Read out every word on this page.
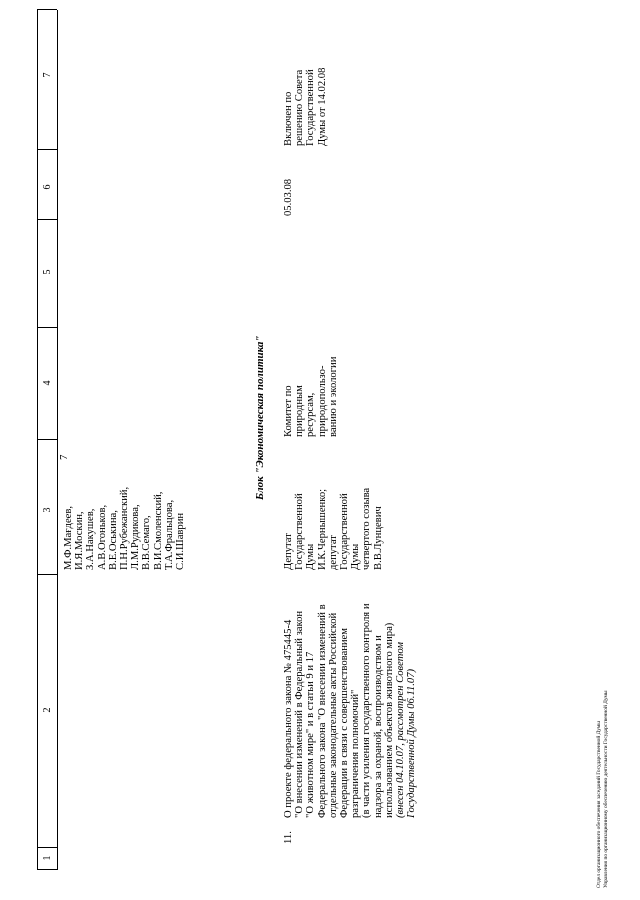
7
1
2
3
4
5
6
7

М.Ф.Мағдеев, И.Я.Москин, З.А.Накушев, А.В.Огоньков, В.Е.Оськина, П.Н.Рубежанский, Л.М.Рудикова, В.В.Семаго, В.И.Смоленский, Т.А.Фральцова, С.И.Шаврин

Блок "Экономическая политика"
11.

О проекте федерального закона № 475445-4 "О внесении изменений в Федеральный закон "О животном мире" и в статьи 9 и 17 Федерального закона "О внесении изменений в отдельные законодательные акты Российской Федерации в связи с совершенствованием разграничения полномочий" (в части усиления государственного контроля и надзора за охраной, воспроизводством и использованием объектов животного мира) (внесен 04.10.07, рассмотрен Советом Государственной Думы 06.11.07)

Депутат Государственной Думы И.К.Чернышенко; депутат Государственной Думы четвертого созыва В.В.Лунцевич

Комитет по природным ресурсам, природопользо- ванию и экологии

05.03.08

Включен по решению Совета Государственной Думы от 14.02.08

Отдел организационного обеспечения заседаний Государственной Думы Управления по организационному обеспечению деятельности Государственной Думы
